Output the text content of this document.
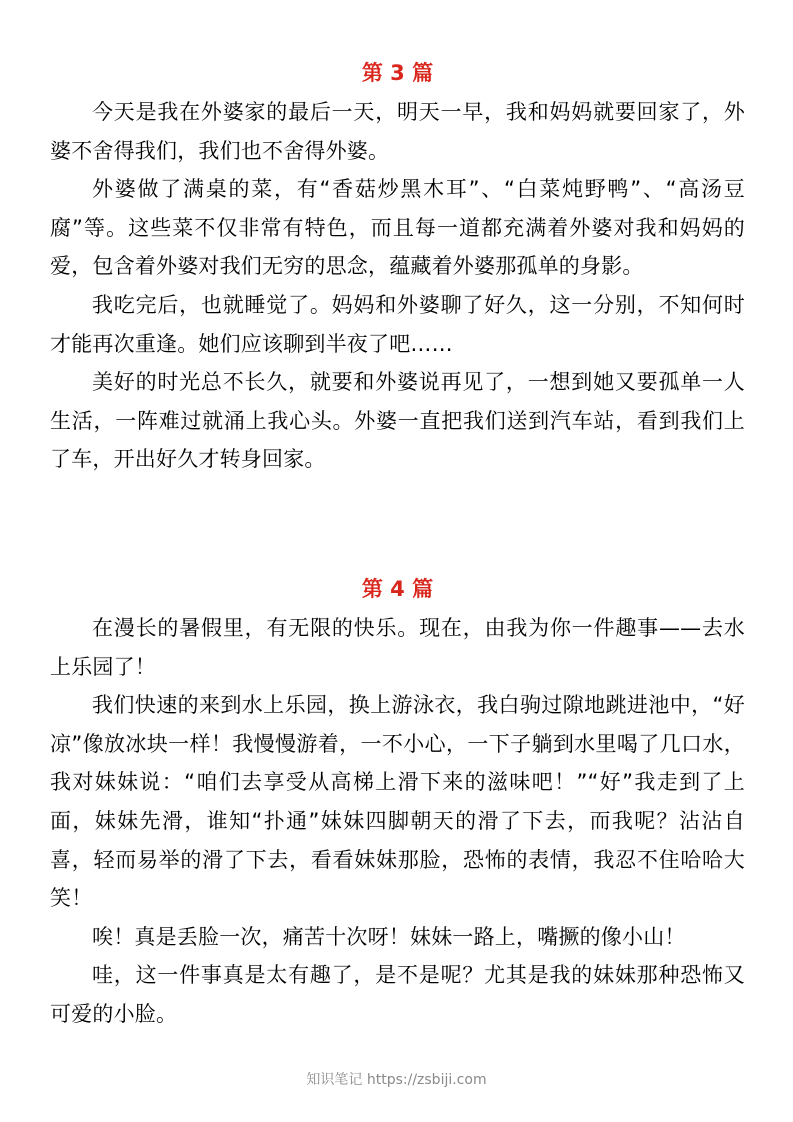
第 3 篇

今天是我在外婆家的最后一天，明天一早，我和妈妈就要回家了，外婆不舍得我们，我们也不舍得外婆。

外婆做了满桌的菜，有“香菇炒黑木耳”、“白菜炖野鸭”、“高汤豆腐”等。这些菜不仅非常有特色，而且每一道都充满着外婆对我和妈妈的爱，包含着外婆对我们无穷的思念，蕴藏着外婆那孤单的身影。

我吃完后，也就睡觉了。妈妈和外婆聊了好久，这一分别，不知何时才能再次重逢。她们应该聊到半夜了吧……

美好的时光总不长久，就要和外婆说再见了，一想到她又要孤单一人生活，一阵难过就涌上我心头。外婆一直把我们送到汽车站，看到我们上了车，开出好久才转身回家。

第 4 篇

在漫长的暑假里，有无限的快乐。现在，由我为你一件趣事——去水上乐园了！

我们快速的来到水上乐园，换上游泳衣，我白驹过隙地跳进池中，“好凉”像放冰块一样！我慢慢游着，一不小心，一下子躺到水里喝了几口水，我对妹妹说：“咱们去享受从高梯上滑下来的滋味吧！”“好”我走到了上面，妹妹先滑，谁知“扑通”妹妹四脚朝天的滑了下去，而我呢？沾沾自喜，轻而易举的滑了下去，看看妹妹那脸，恐怖的表情，我忍不住哈哈大笑！

唉！真是丢脸一次，痛苦十次呀！妹妹一路上，嘴撅的像小山！

哇，这一件事真是太有趣了，是不是呢？尤其是我的妹妹那种恐怖又可爱的小脸。

知识笔记 https://zsbiji.com
